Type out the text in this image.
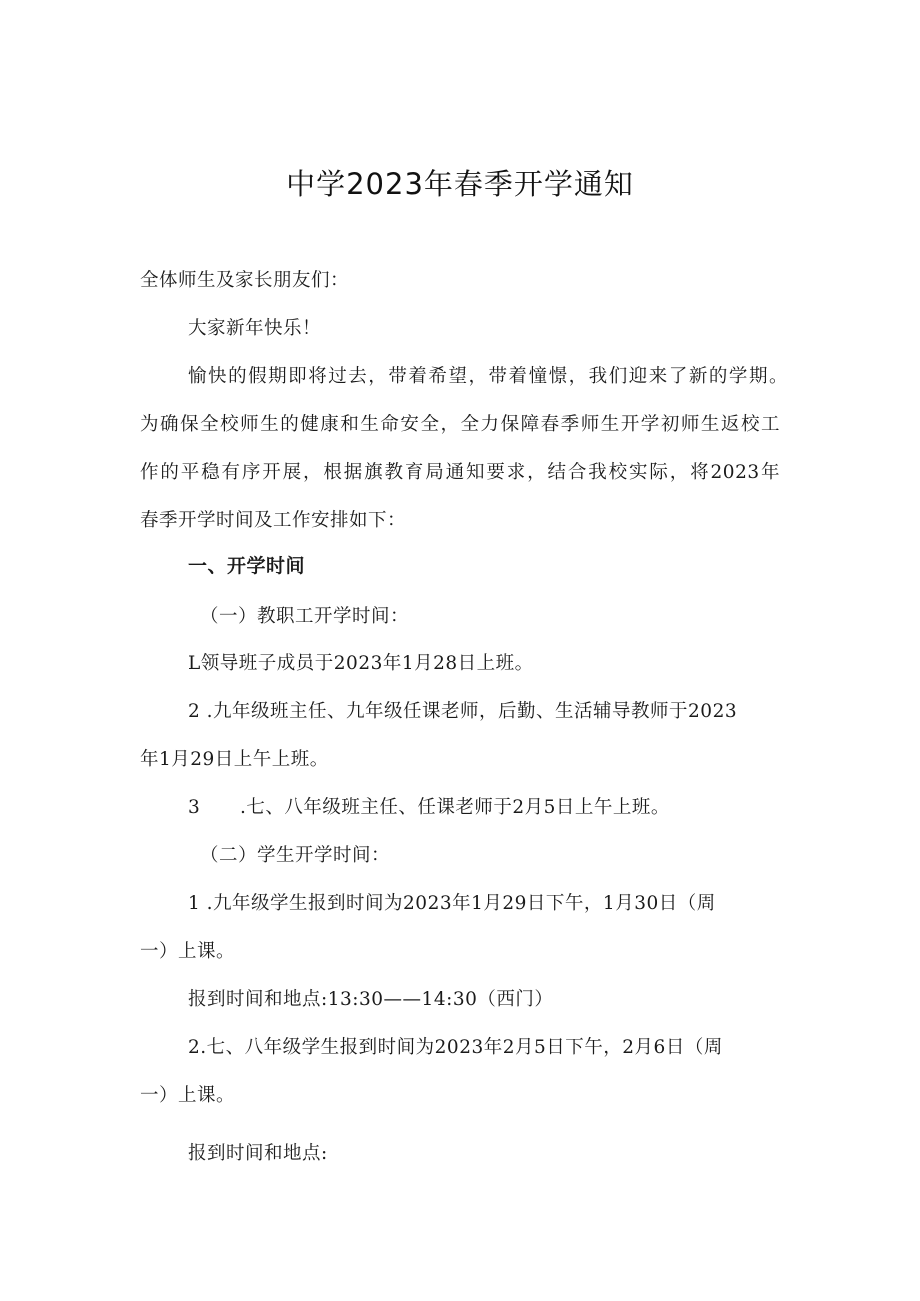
中学2023年春季开学通知
全体师生及家长朋友们：
大家新年快乐！
愉快的假期即将过去，带着希望，带着憧憬，我们迎来了新的学期。
为确保全校师生的健康和生命安全，全力保障春季师生开学初师生返校工
作的平稳有序开展，根据旗教育局通知要求，结合我校实际，将2023年
春季开学时间及工作安排如下：
一、开学时间
（一）教职工开学时间：
L领导班子成员于2023年1月28日上班。
2 .九年级班主任、九年级任课老师，后勤、生活辅导教师于2023
年1月29日上午上班。
3 .七、八年级班主任、任课老师于2月5日上午上班。
（二）学生开学时间：
1 .九年级学生报到时间为2023年1月29日下午，1月30日（周
一）上课。
报到时间和地点:13:30——14:30（西门）
2.七、八年级学生报到时间为2023年2月5日下午，2月6日（周
一）上课。
报到时间和地点:
